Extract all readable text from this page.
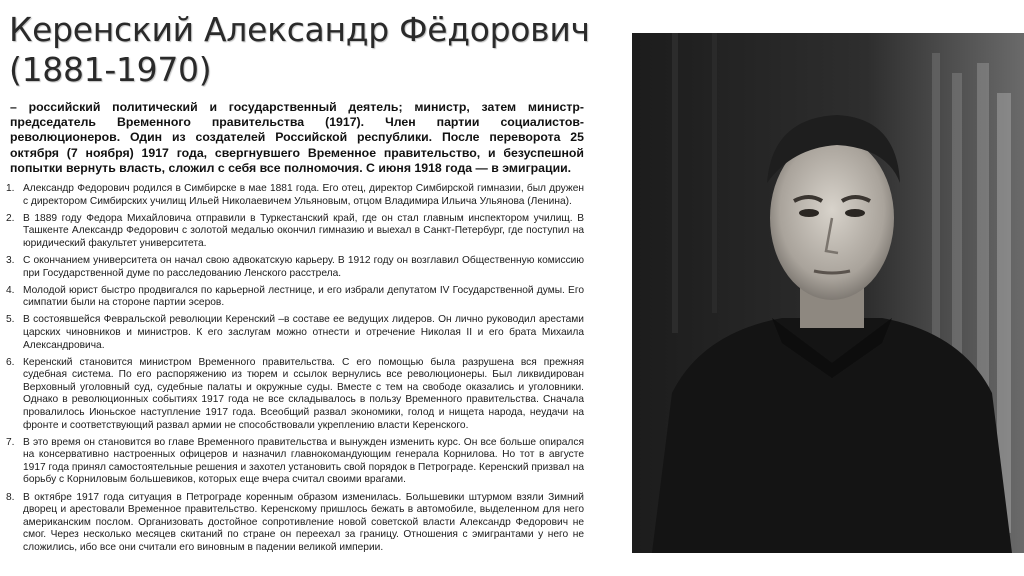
Керенский Александр Фёдорович
(1881-1970)
– российский политический и государственный деятель; министр, затем министр-председатель Временного правительства (1917). Член партии социалистов-революционеров. Один из создателей Российской республики. После переворота 25 октября (7 ноября) 1917 года, свергнувшего Временное правительство, и безуспешной попытки вернуть власть, сложил с себя все полномочия. С июня 1918 года — в эмиграции.
1. Александр Федорович родился в Симбирске в мае 1881 года. Его отец, директор Симбирской гимназии, был дружен с директором Симбирских училищ Ильей Николаевичем Ульяновым, отцом Владимира Ильича Ульянова (Ленина).
2. В 1889 году Федора Михайловича отправили в Туркестанский край, где он стал главным инспектором училищ. В Ташкенте Александр Федорович с золотой медалью окончил гимназию и выехал в Санкт-Петербург, где поступил на юридический факультет университета.
3. С окончанием университета он начал свою адвокатскую карьеру. В 1912 году он возглавил Общественную комиссию при Государственной думе по расследованию Ленского расстрела.
4. Молодой юрист быстро продвигался по карьерной лестнице, и его избрали депутатом IV Государственной думы. Его симпатии были на стороне партии эсеров.
5. В состоявшейся Февральской революции Керенский –в составе ее ведущих лидеров. Он лично руководил арестами царских чиновников и министров. К его заслугам можно отнести и отречение Николая II и его брата Михаила Александровича.
6. Керенский становится министром Временного правительства. С его помощью была разрушена вся прежняя судебная система. По его распоряжению из тюрем и ссылок вернулись все революционеры. Был ликвидирован Верховный уголовный суд, судебные палаты и окружные суды. Вместе с тем на свободе оказались и уголовники. Однако в революционных событиях 1917 года не все складывалось в пользу Временного правительства. Сначала провалилось Июньское наступление 1917 года. Всеобщий развал экономики, голод и нищета народа, неудачи на фронте и соответствующий развал армии не способствовали укреплению власти Керенского.
7. В это время он становится во главе Временного правительства и вынужден изменить курс. Он все больше опирался на консервативно настроенных офицеров и назначил главнокомандующим генерала Корнилова. Но тот в августе 1917 года принял самостоятельные решения и захотел установить свой порядок в Петрограде. Керенский призвал на борьбу с Корниловым большевиков, которых еще вчера считал своими врагами.
8. В октябре 1917 года ситуация в Петрограде коренным образом изменилась. Большевики штурмом взяли Зимний дворец и арестовали Временное правительство. Керенскому пришлось бежать в автомобиле, выделенном для него американским послом. Организовать достойное сопротивление новой советской власти Александр Федорович не смог. Через несколько месяцев скитаний по стране он переехал за границу. Отношения с эмигрантами у него не сложились, ибо все они считали его виновным в падении великой империи.
